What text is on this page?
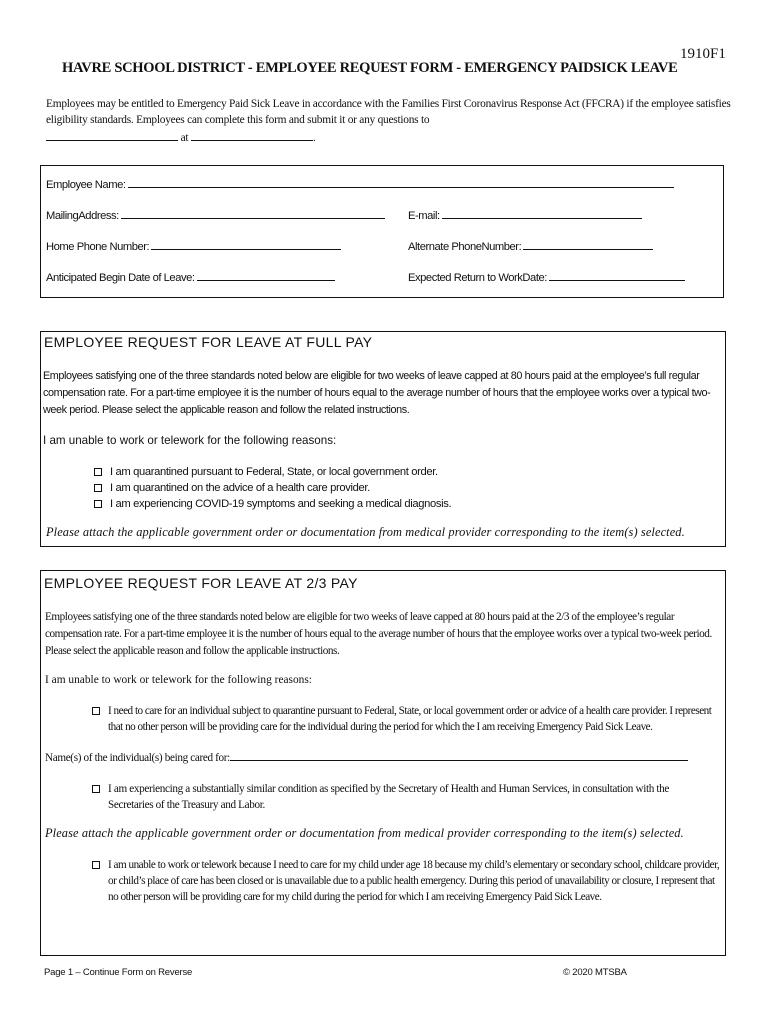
1910F1
HAVRE SCHOOL DISTRICT - EMPLOYEE REQUEST FORM - EMERGENCY PAIDSICK LEAVE
Employees may be entitled to Emergency Paid Sick Leave in accordance with the Families First Coronavirus Response Act (FFCRA) if the employee satisfies eligibility standards. Employees can complete this form and submit it or any questions to
at	.
Employee Name:
MailingAddress:	E-mail:
Home Phone Number:	Alternate PhoneNumber:
Anticipated Begin Date of Leave:	Expected Return to WorkDate:
EMPLOYEE REQUEST FOR LEAVE AT FULL PAY
Employees satisfying one of the three standards noted below are eligible for two weeks of leave capped at 80 hours paid at the employee’s full regular compensation rate. For a part-time employee it is the number of hours equal to the average number of hours that the employee works over a typical two-week period. Please select the applicable reason and follow the related instructions.
I am unable to work or telework for the following reasons:
I am quarantined pursuant to Federal, State, or local government order.
I am quarantined on the advice of a health care provider.
I am experiencing COVID-19 symptoms and seeking a medical diagnosis.
Please attach the applicable government order or documentation from medical provider corresponding to the item(s) selected.
EMPLOYEE REQUEST FOR LEAVE AT 2/3 PAY
Employees satisfying one of the three standards noted below are eligible for two weeks of leave capped at 80 hours paid at the 2/3 of the employee’s regular compensation rate. For a part-time employee it is the number of hours equal to the average number of hours that the employee works over a typical two-week period. Please select the applicable reason and follow the applicable instructions.
I am unable to work or telework for the following reasons:
I need to care for an individual subject to quarantine pursuant to Federal, State, or local government order or advice of a health care provider. I represent that no other person will be providing care for the individual during the period for which the I am receiving Emergency Paid Sick Leave.
Name(s) of the individual(s) being cared for:
I am experiencing a substantially similar condition as specified by the Secretary of Health and Human Services, in consultation with the Secretaries of the Treasury and Labor.
Please attach the applicable government order or documentation from medical provider corresponding to the item(s) selected.
I am unable to work or telework because I need to care for my child under age 18 because my child’s elementary or secondary school, childcare provider, or child’s place of care has been closed or is unavailable due to a public health emergency. During this period of unavailability or closure, I represent that no other person will be providing care for my child during the period for which I am receiving Emergency Paid Sick Leave.
Page 1 – Continue Form on Reverse	© 2020 MTSBA
